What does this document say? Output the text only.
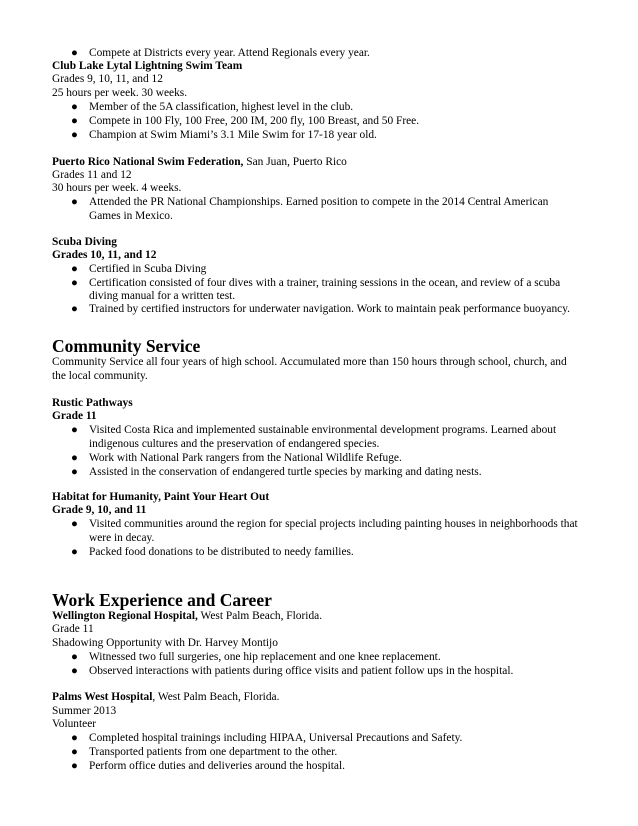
● Compete at Districts every year. Attend Regionals every year.
Club Lake Lytal Lightning Swim Team
Grades 9, 10, 11, and 12
25 hours per week. 30 weeks.
● Member of the 5A classification, highest level in the club.
● Compete in 100 Fly, 100 Free, 200 IM, 200 fly, 100 Breast, and 50 Free.
● Champion at Swim Miami’s 3.1 Mile Swim for 17-18 year old.
Puerto Rico National Swim Federation, San Juan, Puerto Rico
Grades 11 and 12
30 hours per week. 4 weeks.
● Attended the PR National Championships. Earned position to compete in the 2014 Central American
Games in Mexico.
Scuba Diving
Grades 10, 11, and 12
● Certified in Scuba Diving
● Certification consisted of four dives with a trainer, training sessions in the ocean, and review of a scuba
diving manual for a written test.
● Trained by certified instructors for underwater navigation. Work to maintain peak performance buoyancy.
Community Service
Community Service all four years of high school. Accumulated more than 150 hours through school, church, and
the local community.
Rustic Pathways
Grade 11
● Visited Costa Rica and implemented sustainable environmental development programs. Learned about
indigenous cultures and the preservation of endangered species.
● Work with National Park rangers from the National Wildlife Refuge.
● Assisted in the conservation of endangered turtle species by marking and dating nests.
Habitat for Humanity, Paint Your Heart Out
Grade 9, 10, and 11
● Visited communities around the region for special projects including painting houses in neighborhoods that
were in decay.
● Packed food donations to be distributed to needy families.
Work Experience and Career
Wellington Regional Hospital, West Palm Beach, Florida.
Grade 11
Shadowing Opportunity with Dr. Harvey Montijo
● Witnessed two full surgeries, one hip replacement and one knee replacement.
● Observed interactions with patients during office visits and patient follow ups in the hospital.
Palms West Hospital, West Palm Beach, Florida.
Summer 2013
Volunteer
● Completed hospital trainings including HIPAA, Universal Precautions and Safety.
● Transported patients from one department to the other.
● Perform office duties and deliveries around the hospital.
